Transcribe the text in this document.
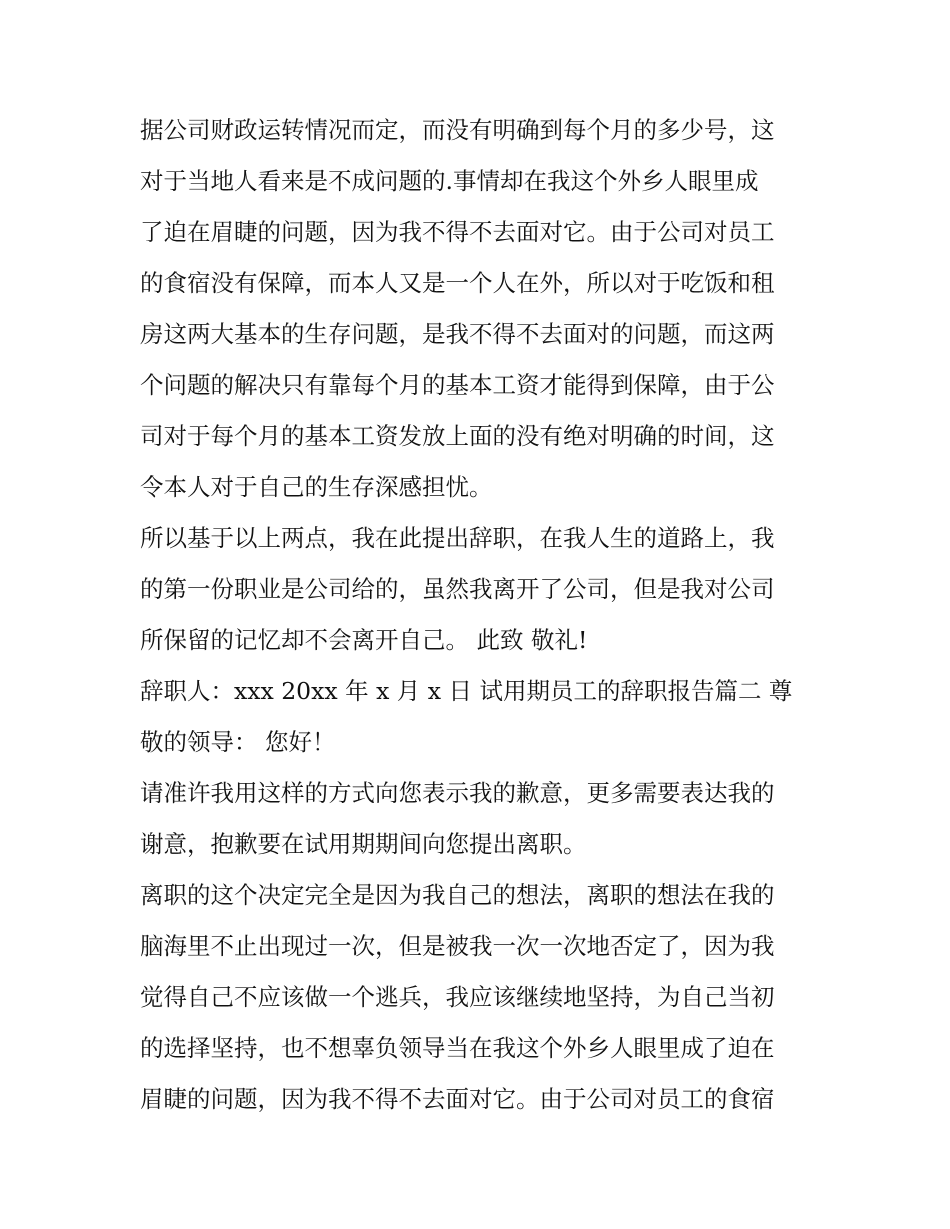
据公司财政运转情况而定，而没有明确到每个月的多少号，这
对于当地人看来是不成问题的.事情却在我这个外乡人眼里成
了迫在眉睫的问题，因为我不得不去面对它。由于公司对员工
的食宿没有保障，而本人又是一个人在外，所以对于吃饭和租
房这两大基本的生存问题，是我不得不去面对的问题，而这两
个问题的解决只有靠每个月的基本工资才能得到保障，由于公
司对于每个月的基本工资发放上面的没有绝对明确的时间，这
令本人对于自己的生存深感担忧。
所以基于以上两点，我在此提出辞职，在我人生的道路上，我
的第一份职业是公司给的，虽然我离开了公司，但是我对公司
所保留的记忆却不会离开自己。 此致 敬礼!
辞职人：xxx 20xx 年 x 月 x 日 试用期员工的辞职报告篇二 尊
敬的领导： 您好！
请准许我用这样的方式向您表示我的歉意，更多需要表达我的
谢意，抱歉要在试用期期间向您提出离职。
离职的这个决定完全是因为我自己的想法，离职的想法在我的
脑海里不止出现过一次，但是被我一次一次地否定了，因为我
觉得自己不应该做一个逃兵，我应该继续地坚持，为自己当初
的选择坚持，也不想辜负领导当在我这个外乡人眼里成了迫在
眉睫的问题，因为我不得不去面对它。由于公司对员工的食宿
